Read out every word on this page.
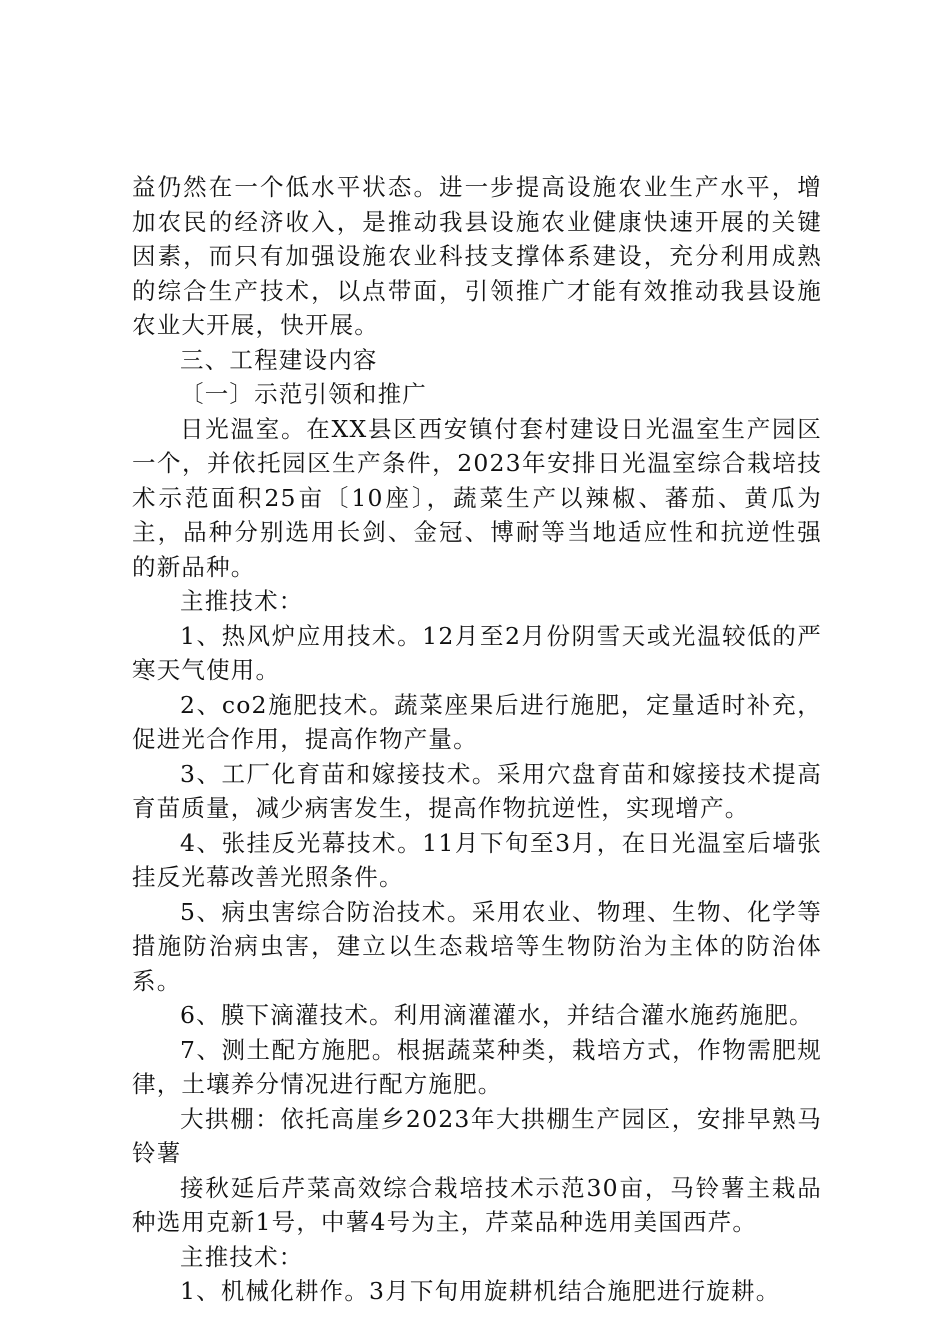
益仍然在一个低水平状态。进一步提高设施农业生产水平，增加农民的经济收入，是推动我县设施农业健康快速开展的关键因素，而只有加强设施农业科技支撑体系建设，充分利用成熟的综合生产技术，以点带面，引领推广才能有效推动我县设施农业大开展，快开展。

三、工程建设内容

〔一〕示范引领和推广

日光温室。在XX县区西安镇付套村建设日光温室生产园区一个，并依托园区生产条件，2023年安排日光温室综合栽培技术示范面积25亩〔10座〕，蔬菜生产以辣椒、蕃茄、黄瓜为主，品种分别选用长剑、金冠、博耐等当地适应性和抗逆性强的新品种。

主推技术：

1、热风炉应用技术。12月至2月份阴雪天或光温较低的严寒天气使用。

2、co2施肥技术。蔬菜座果后进行施肥，定量适时补充，促进光合作用，提高作物产量。

3、工厂化育苗和嫁接技术。采用穴盘育苗和嫁接技术提高育苗质量，减少病害发生，提高作物抗逆性，实现增产。

4、张挂反光幕技术。11月下旬至3月，在日光温室后墙张挂反光幕改善光照条件。

5、病虫害综合防治技术。采用农业、物理、生物、化学等措施防治病虫害，建立以生态栽培等生物防治为主体的防治体系。

6、膜下滴灌技术。利用滴灌灌水，并结合灌水施药施肥。

7、测土配方施肥。根据蔬菜种类，栽培方式，作物需肥规律，土壤养分情况进行配方施肥。

大拱棚：依托高崖乡2023年大拱棚生产园区，安排早熟马铃薯

接秋延后芹菜高效综合栽培技术示范30亩，马铃薯主栽品种选用克新1号，中薯4号为主，芹菜品种选用美国西芹。

主推技术：

1、机械化耕作。3月下旬用旋耕机结合施肥进行旋耕。
